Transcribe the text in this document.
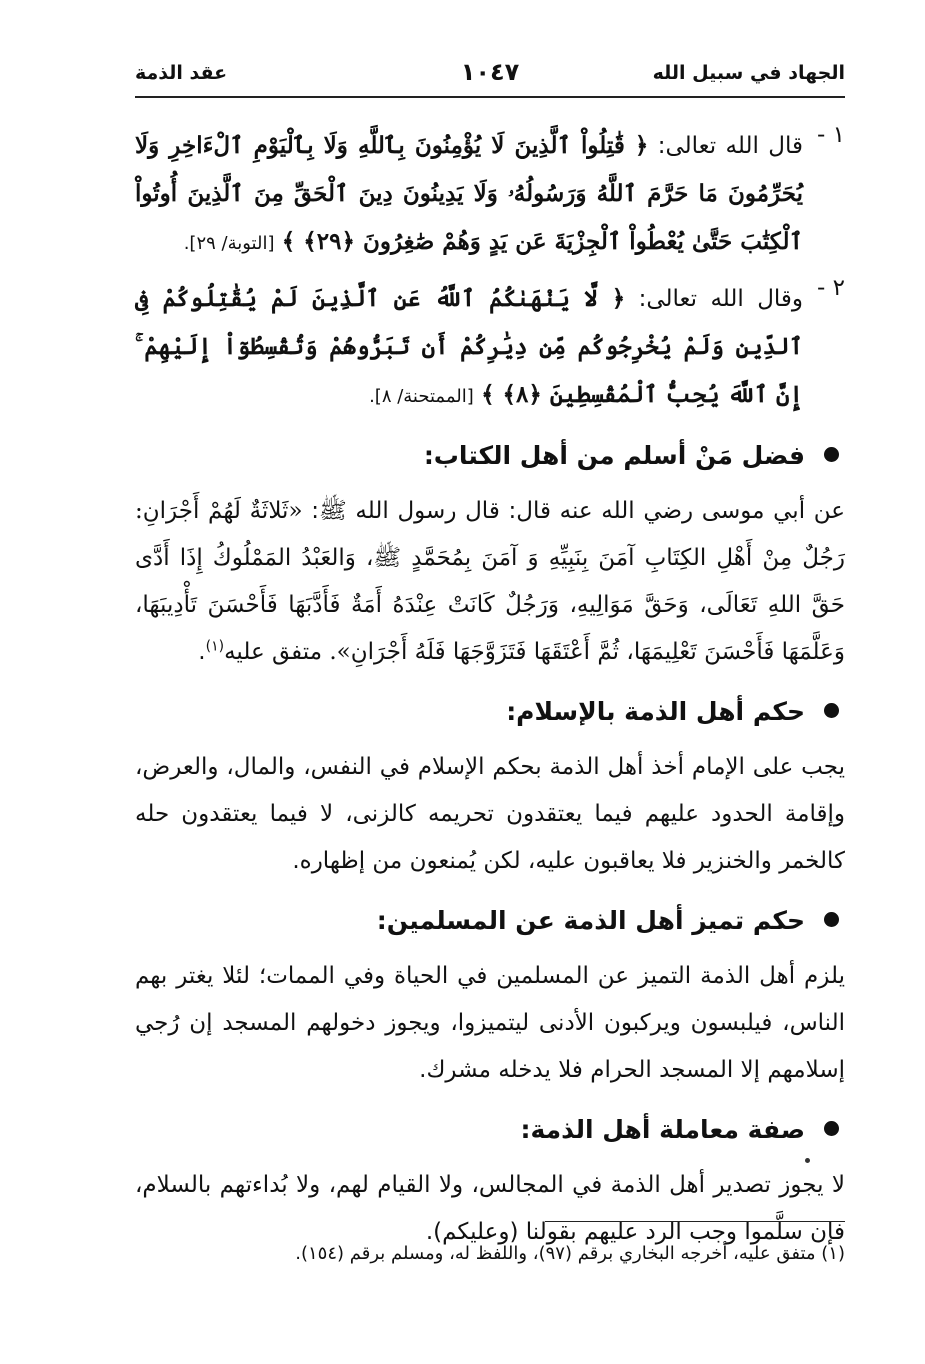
الجهاد في سبيل الله
١٠٤٧
عقد الذمة
١ -

قال الله تعالى: ﴿ قَٰتِلُواْ ٱلَّذِينَ لَا يُؤْمِنُونَ بِٱللَّهِ وَلَا بِٱلْيَوْمِ ٱلْءَاخِرِ وَلَا يُحَرِّمُونَ مَا حَرَّمَ ٱللَّهُ وَرَسُولُهُۥ وَلَا يَدِينُونَ دِينَ ٱلْحَقِّ مِنَ ٱلَّذِينَ أُوتُواْ ٱلْكِتَٰبَ حَتَّىٰ يُعْطُواْ ٱلْجِزْيَةَ عَن يَدٍ وَهُمْ صَٰغِرُونَ ﴿٢٩﴾ ﴾ [التوبة/ ٢٩].

٢ -

وقال الله تعالى: ﴿ لَّا يَنْهَىٰكُمُ ٱللَّهُ عَنِ ٱلَّذِينَ لَمْ يُقَٰتِلُوكُمْ فِى ٱلدِّينِ وَلَمْ يُخْرِجُوكُم مِّن دِيَٰرِكُمْ أَن تَبَرُّوهُمْ وَتُقْسِطُوٓاْ إِلَيْهِمْ ۚ إِنَّ ٱللَّهَ يُحِبُّ ٱلْمُقْسِطِينَ ﴿٨﴾ ﴾ [الممتحنة/ ٨].

فضل مَنْ أسلم من أهل الكتاب:

عن أبي موسى رضي الله عنه قال: قال رسول الله ﷺ: «ثَلاثَةٌ لَهُمْ أَجْرَانِ: رَجُلٌ مِنْ أَهْلِ الكِتَابِ آمَنَ بِنَبِيِّهِ وَ آمَنَ بِمُحَمَّدٍ ﷺ، وَالعَبْدُ المَمْلُوكُ إِذَا أَدَّى حَقَّ اللهِ تَعَالَى، وَحَقَّ مَوَالِيهِ، وَرَجُلٌ كَانَتْ عِنْدَهُ أَمَةٌ فَأَدَّبَهَا فَأَحْسَنَ تَأْدِيبَهَا، وَعَلَّمَهَا فَأَحْسَنَ تَعْلِيمَهَا، ثُمَّ أَعْتَقَهَا فَتَزَوَّجَهَا فَلَهُ أَجْرَانِ». متفق عليه$^{(١)}$.

حكم أهل الذمة بالإسلام:

يجب على الإمام أخذ أهل الذمة بحكم الإسلام في النفس، والمال، والعرض، وإقامة الحدود عليهم فيما يعتقدون تحريمه كالزنى، لا فيما يعتقدون حله كالخمر والخنزير فلا يعاقبون عليه، لكن يُمنعون من إظهاره.

حكم تميز أهل الذمة عن المسلمين:

يلزم أهل الذمة التميز عن المسلمين في الحياة وفي الممات؛ لئلا يغتر بهم الناس، فيلبسون ويركبون الأدنى ليتميزوا، ويجوز دخولهم المسجد إن رُجي إسلامهم إلا المسجد الحرام فلا يدخله مشرك.

صفة معاملة أهل الذمة:

لا يجوز تصدير أهل الذمة في المجالس، ولا القيام لهم، ولا بُداءتهم بالسلام، فإن سلَّموا وجب الرد عليهم بقولنا (وعليكم).

(١) متفق عليه، أخرجه البخاري برقم (٩٧)، واللفظ له، ومسلم برقم (١٥٤).
